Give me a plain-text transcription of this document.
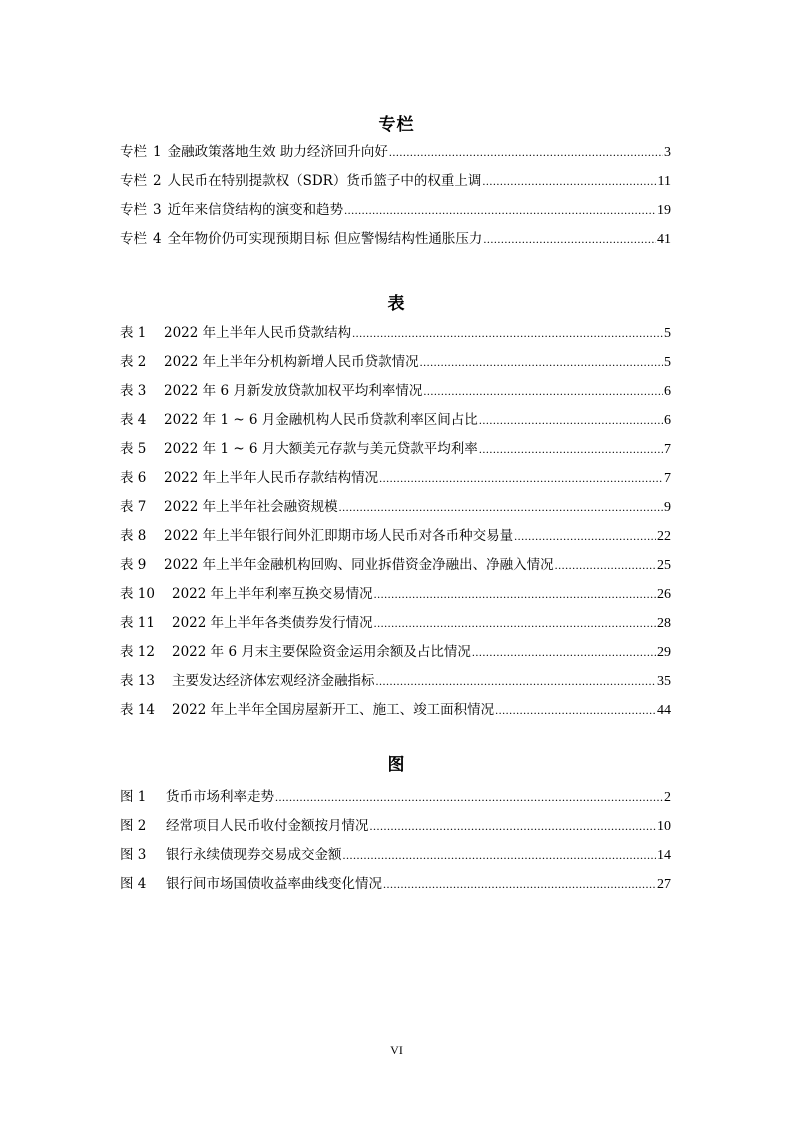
专栏
专栏 1 金融政策落地生效 助力经济回升向好 .....	3
专栏 2 人民币在特别提款权（SDR）货币篮子中的权重上调 .....	11
专栏 3 近年来信贷结构的演变和趋势 .....	19
专栏 4 全年物价仍可实现预期目标 但应警惕结构性通胀压力 .....	41
表
表 1	2022 年上半年人民币贷款结构 .....	5
表 2	2022 年上半年分机构新增人民币贷款情况 .....	5
表 3	2022 年 6 月新发放贷款加权平均利率情况 .....	6
表 4	2022 年 1 ~ 6 月金融机构人民币贷款利率区间占比 .....	6
表 5	2022 年 1 ~ 6 月大额美元存款与美元贷款平均利率 .....	7
表 6	2022 年上半年人民币存款结构情况 .....	7
表 7	2022 年上半年社会融资规模 .....	9
表 8	2022 年上半年银行间外汇即期市场人民币对各币种交易量 .....	22
表 9	2022 年上半年金融机构回购、同业拆借资金净融出、净融入情况 .....	25
表 10	2022 年上半年利率互换交易情况 .....	26
表 11	2022 年上半年各类债券发行情况 .....	28
表 12	2022 年 6 月末主要保险资金运用余额及占比情况 .....	29
表 13	主要发达经济体宏观经济金融指标 .....	35
表 14	2022 年上半年全国房屋新开工、施工、竣工面积情况 .....	44
图
图 1	货币市场利率走势 .....	2
图 2	经常项目人民币收付金额按月情况 .....	10
图 3	银行永续债现券交易成交金额 .....	14
图 4	银行间市场国债收益率曲线变化情况 .....	27
VI
